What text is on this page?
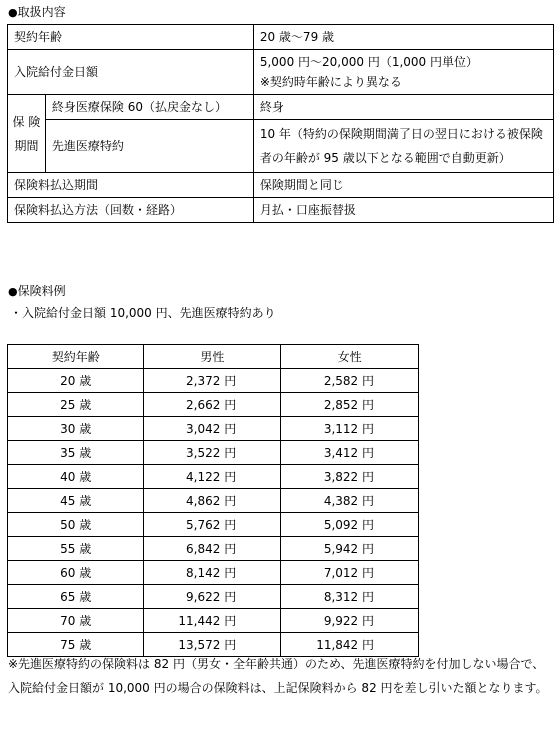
●取扱内容
契約年齢		20 歳～79 歳
入院給付金日額		5,000 円～20,000 円（1,000 円単位）
※契約時年齢により異なる

保 険
期間	終身医療保険 60（払戻金なし）	終身
	先進医療特約	10 年（特約の保険期間満了日の翌日における被保険者の年齢が 95 歳以下となる範囲で自動更新）
保険料払込期間		保険期間と同じ
保険料払込方法（回数・経路）		月払・口座振替扱
●保険料例
・入院給付金日額 10,000 円、先進医療特約あり
契約年齢	男性	女性
20 歳	2,372 円	2,582 円
25 歳	2,662 円	2,852 円
30 歳	3,042 円	3,112 円
35 歳	3,522 円	3,412 円
40 歳	4,122 円	3,822 円
45 歳	4,862 円	4,382 円
50 歳	5,762 円	5,092 円
55 歳	6,842 円	5,942 円
60 歳	8,142 円	7,012 円
65 歳	9,622 円	8,312 円
70 歳	11,442 円	9,922 円
75 歳	13,572 円	11,842 円
※先進医療特約の保険料は 82 円（男女・全年齢共通）のため、先進医療特約を付加しない場合で、入院給付金日額が 10,000 円の場合の保険料は、上記保険料から 82 円を差し引いた額となります。
